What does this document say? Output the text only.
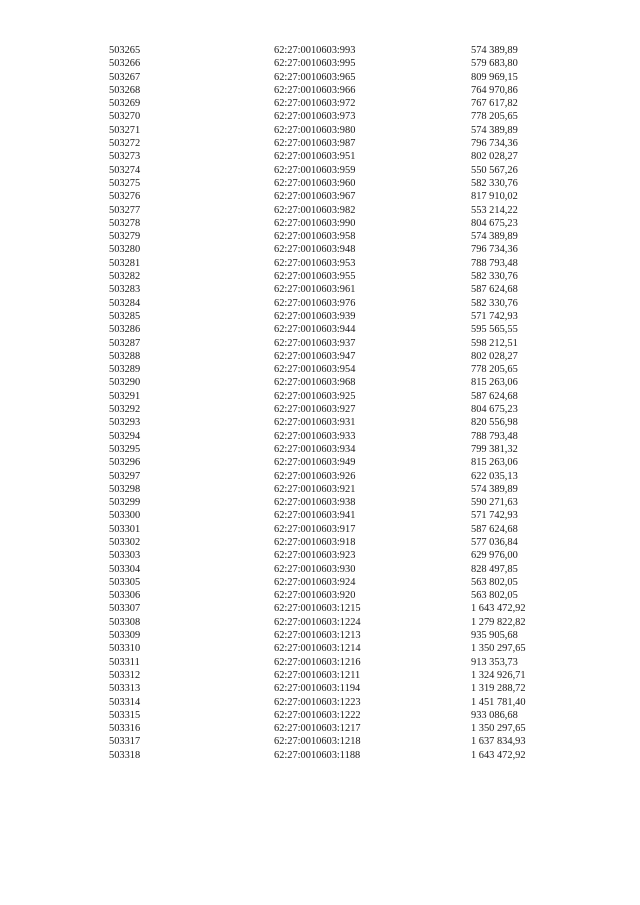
	503265	62:27:0010603:993	574 389,89
	503266	62:27:0010603:995	579 683,80
	503267	62:27:0010603:965	809 969,15
	503268	62:27:0010603:966	764 970,86
	503269	62:27:0010603:972	767 617,82
	503270	62:27:0010603:973	778 205,65
	503271	62:27:0010603:980	574 389,89
	503272	62:27:0010603:987	796 734,36
	503273	62:27:0010603:951	802 028,27
	503274	62:27:0010603:959	550 567,26
	503275	62:27:0010603:960	582 330,76
	503276	62:27:0010603:967	817 910,02
	503277	62:27:0010603:982	553 214,22
	503278	62:27:0010603:990	804 675,23
	503279	62:27:0010603:958	574 389,89
	503280	62:27:0010603:948	796 734,36
	503281	62:27:0010603:953	788 793,48
	503282	62:27:0010603:955	582 330,76
	503283	62:27:0010603:961	587 624,68
	503284	62:27:0010603:976	582 330,76
	503285	62:27:0010603:939	571 742,93
	503286	62:27:0010603:944	595 565,55
	503287	62:27:0010603:937	598 212,51
	503288	62:27:0010603:947	802 028,27
	503289	62:27:0010603:954	778 205,65
	503290	62:27:0010603:968	815 263,06
	503291	62:27:0010603:925	587 624,68
	503292	62:27:0010603:927	804 675,23
	503293	62:27:0010603:931	820 556,98
	503294	62:27:0010603:933	788 793,48
	503295	62:27:0010603:934	799 381,32
	503296	62:27:0010603:949	815 263,06
	503297	62:27:0010603:926	622 035,13
	503298	62:27:0010603:921	574 389,89
	503299	62:27:0010603:938	590 271,63
	503300	62:27:0010603:941	571 742,93
	503301	62:27:0010603:917	587 624,68
	503302	62:27:0010603:918	577 036,84
	503303	62:27:0010603:923	629 976,00
	503304	62:27:0010603:930	828 497,85
	503305	62:27:0010603:924	563 802,05
	503306	62:27:0010603:920	563 802,05
	503307	62:27:0010603:1215	1 643 472,92
	503308	62:27:0010603:1224	1 279 822,82
	503309	62:27:0010603:1213	935 905,68
	503310	62:27:0010603:1214	1 350 297,65
	503311	62:27:0010603:1216	913 353,73
	503312	62:27:0010603:1211	1 324 926,71
	503313	62:27:0010603:1194	1 319 288,72
	503314	62:27:0010603:1223	1 451 781,40
	503315	62:27:0010603:1222	933 086,68
	503316	62:27:0010603:1217	1 350 297,65
	503317	62:27:0010603:1218	1 637 834,93
	503318	62:27:0010603:1188	1 643 472,92
